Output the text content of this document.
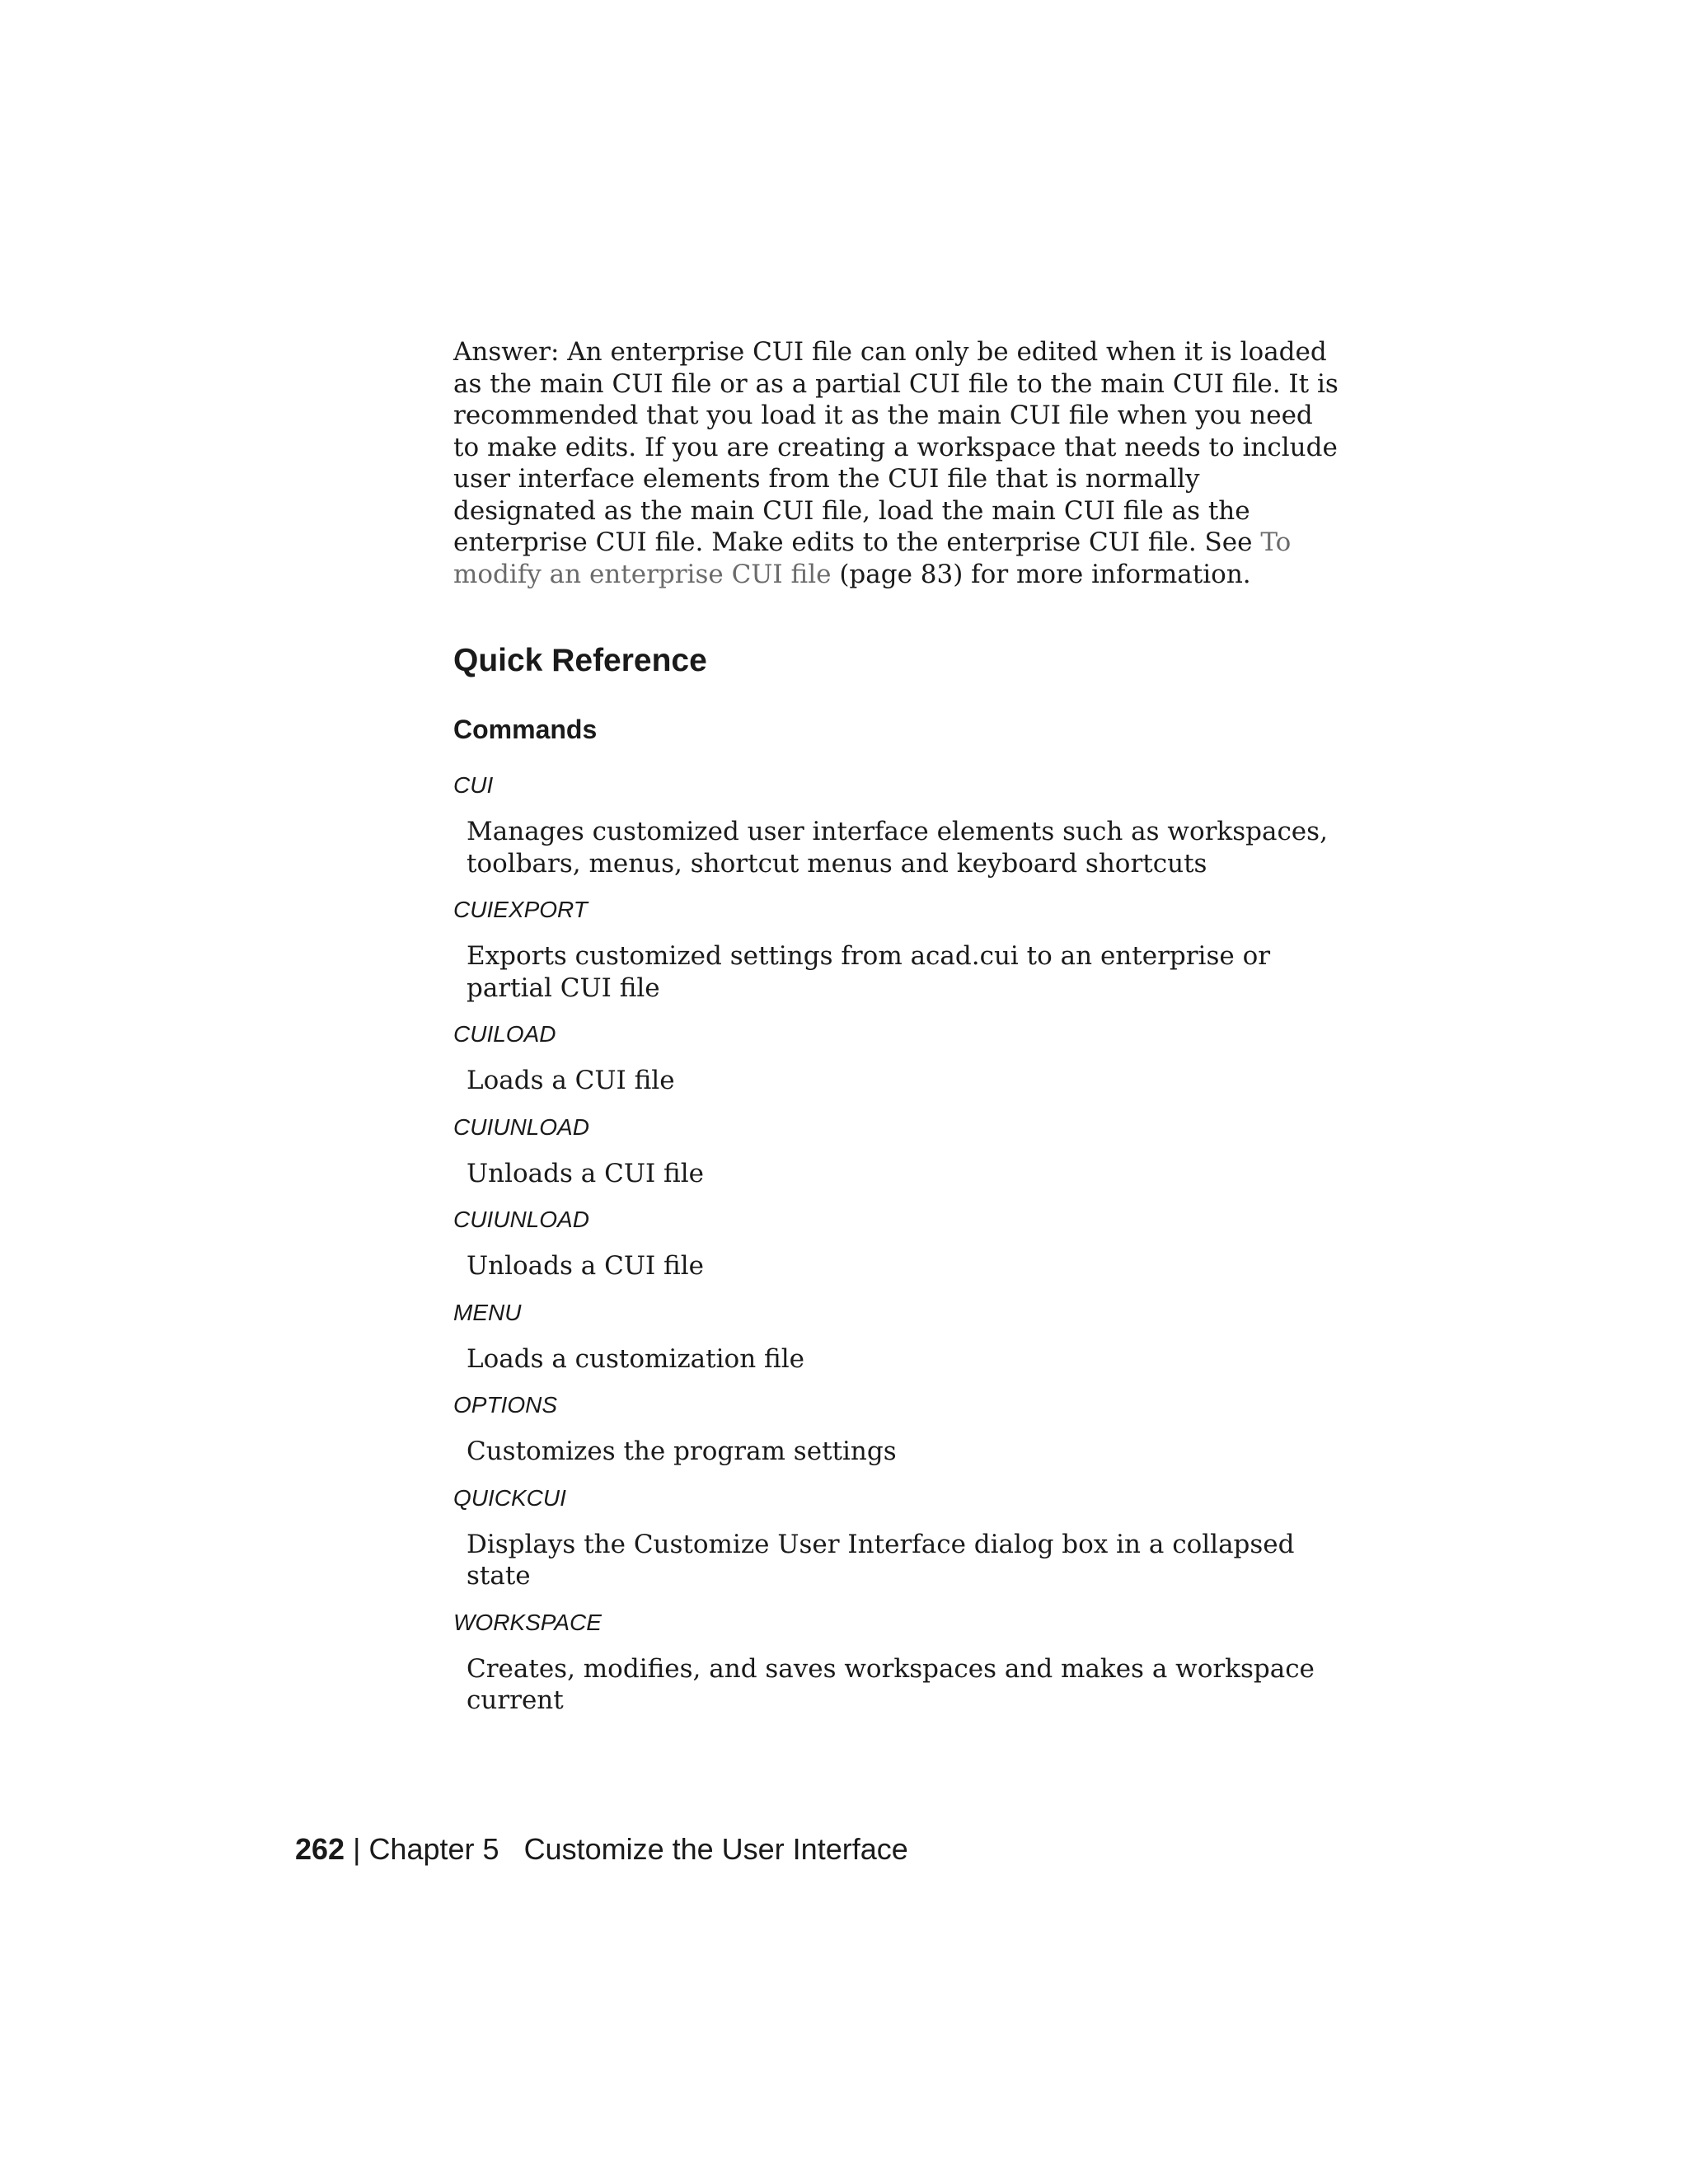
Answer: An enterprise CUI file can only be edited when it is loaded as the main CUI file or as a partial CUI file to the main CUI file. It is recommended that you load it as the main CUI file when you need to make edits. If you are creating a workspace that needs to include user interface elements from the CUI file that is normally designated as the main CUI file, load the main CUI file as the enterprise CUI file. Make edits to the enterprise CUI file. See To modify an enterprise CUI file (page 83) for more information.

Quick Reference
Commands
CUI
Manages customized user interface elements such as workspaces, toolbars, menus, shortcut menus and keyboard shortcuts
CUIEXPORT
Exports customized settings from acad.cui to an enterprise or partial CUI file
CUILOAD
Loads a CUI file
CUIUNLOAD
Unloads a CUI file
CUIUNLOAD
Unloads a CUI file
MENU
Loads a customization file
OPTIONS
Customizes the program settings
QUICKCUI
Displays the Customize User Interface dialog box in a collapsed state
WORKSPACE
Creates, modifies, and saves workspaces and makes a workspace current
262 | Chapter 5 Customize the User Interface
